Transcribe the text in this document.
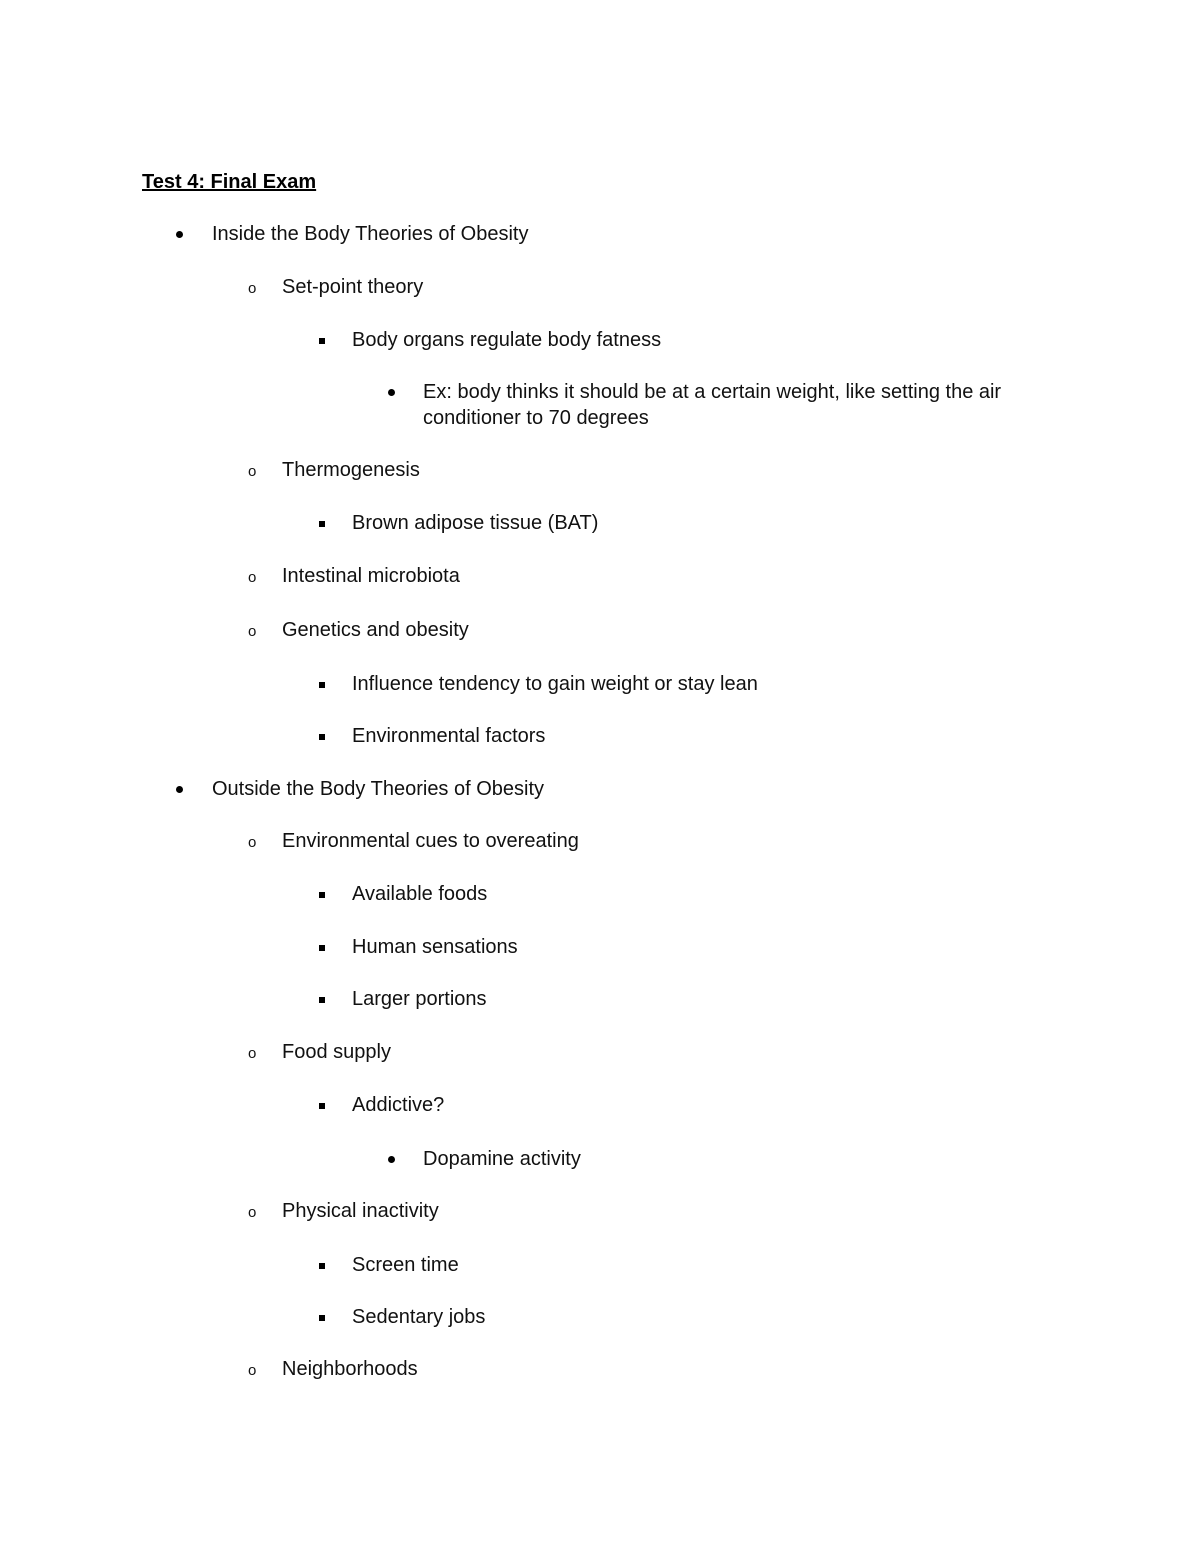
Test 4: Final Exam
Inside the Body Theories of Obesity
o	Set-point theory
Body organs regulate body fatness
Ex: body thinks it should be at a certain weight, like setting the air conditioner to 70 degrees
o	Thermogenesis
Brown adipose tissue (BAT)
o	Intestinal microbiota
o	Genetics and obesity
Influence tendency to gain weight or stay lean
Environmental factors
Outside the Body Theories of Obesity
o	Environmental cues to overeating
Available foods
Human sensations
Larger portions
o	Food supply
Addictive?
Dopamine activity
o	Physical inactivity
Screen time
Sedentary jobs
o	Neighborhoods
